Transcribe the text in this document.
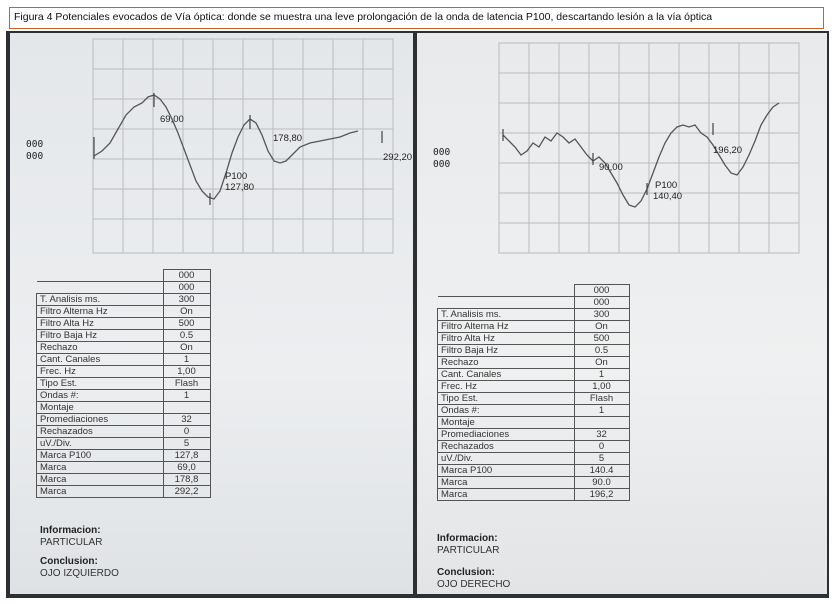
Figura 4 Potenciales evocados de Vía óptica: donde se muestra una leve prolongación de la onda de latencia P100, descartando lesión a la vía óptica
000
000	292,20
69,00
178,80
P100
127,80
	000
	000
T. Analisis ms.	300
Filtro Alterna Hz	On
Filtro Alta Hz	500
Filtro Baja Hz	0.5
Rechazo	On
Cant. Canales	1
Frec. Hz	1,00
Tipo Est.	Flash
Ondas #:	1
Montaje	
Promediaciones	32
Rechazados	0
uV./Div.	5
Marca P100	127,8
Marca	69,0
Marca	178,8
Marca	292,2
Informacion:
PARTICULAR
Conclusion:
OJO IZQUIERDO
000
000	90,00
P100
140,40
196,20
	000
	000
T. Analisis ms.	300
Filtro Alterna Hz	On
Filtro Alta Hz	500
Filtro Baja Hz	0.5
Rechazo	On
Cant. Canales	1
Frec. Hz	1,00
Tipo Est.	Flash
Ondas #:	1
Montaje	
Promediaciones	32
Rechazados	0
uV./Div.	5
Marca P100	140.4
Marca	90.0
Marca	196,2
Informacion:
PARTICULAR
Conclusion:
OJO DERECHO
